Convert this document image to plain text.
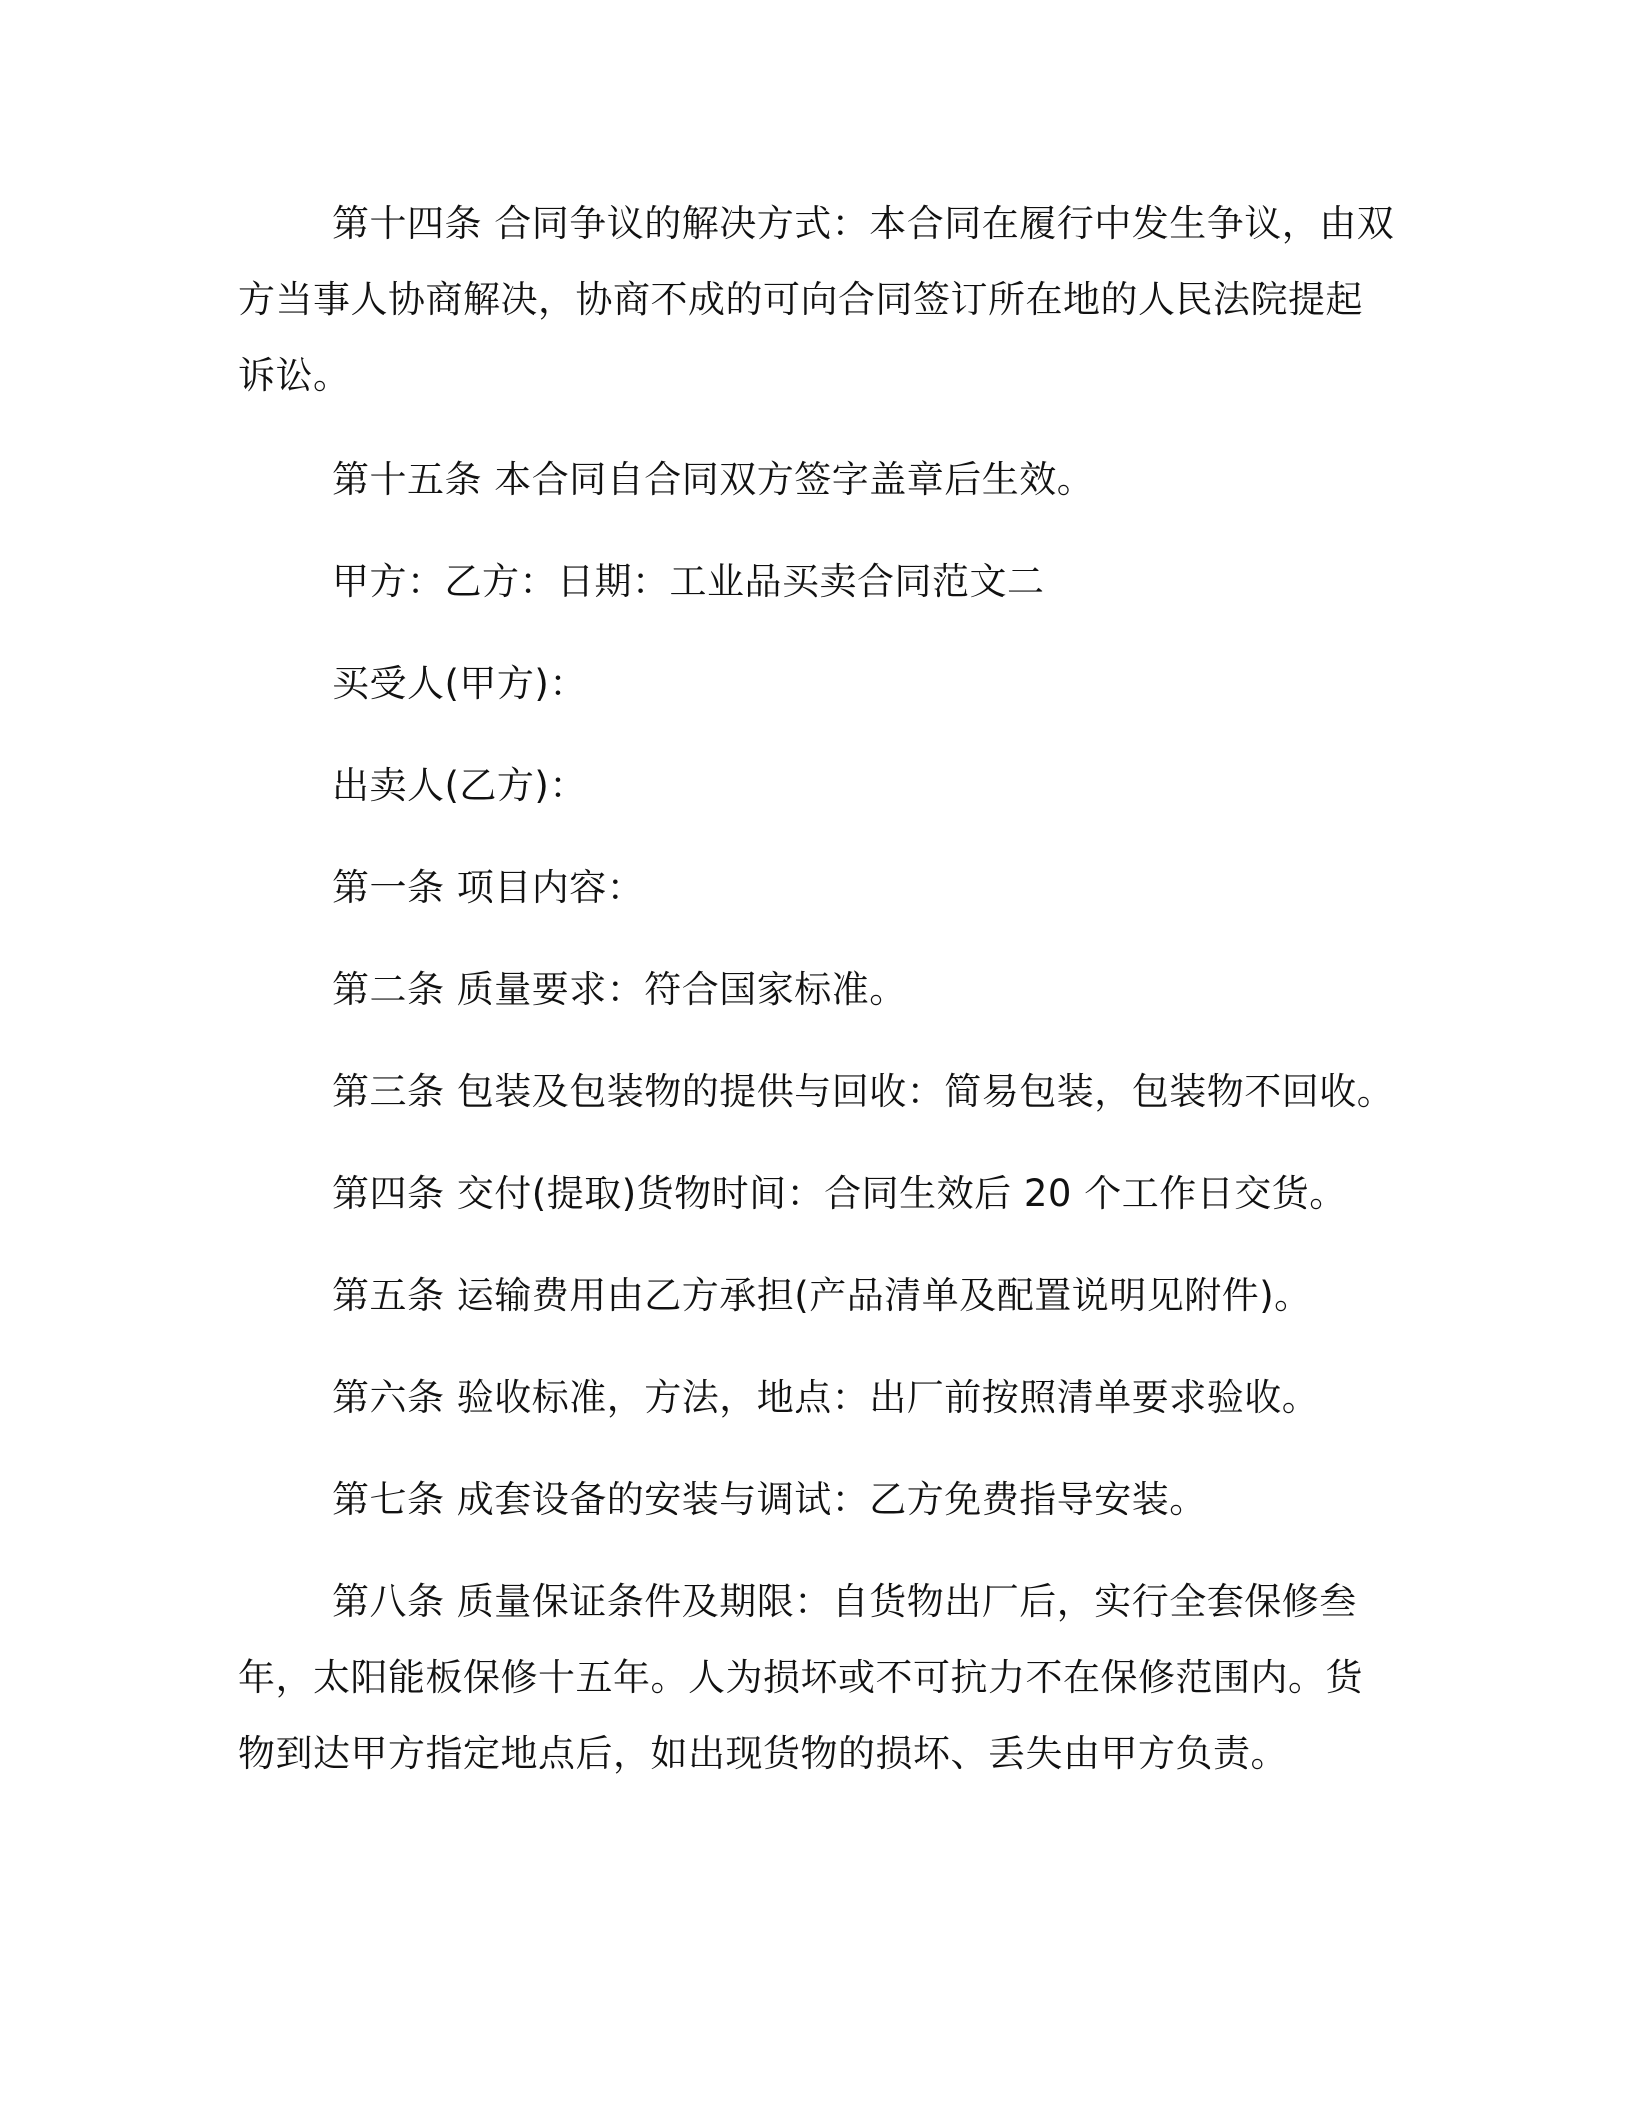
第十四条 合同争议的解决方式：本合同在履行中发生争议，由双方当事人协商解决，协商不成的可向合同签订所在地的人民法院提起诉讼。

第十五条 本合同自合同双方签字盖章后生效。

甲方：乙方：日期：工业品买卖合同范文二

买受人(甲方)：

出卖人(乙方)：

第一条 项目内容：

第二条 质量要求：符合国家标准。

第三条 包装及包装物的提供与回收：简易包装，包装物不回收。

第四条 交付(提取)货物时间：合同生效后 20 个工作日交货。

第五条 运输费用由乙方承担(产品清单及配置说明见附件)。

第六条 验收标准，方法，地点：出厂前按照清单要求验收。

第七条 成套设备的安装与调试：乙方免费指导安装。

第八条 质量保证条件及期限：自货物出厂后，实行全套保修叁年，太阳能板保修十五年。人为损坏或不可抗力不在保修范围内。货物到达甲方指定地点后，如出现货物的损坏、丢失由甲方负责。
